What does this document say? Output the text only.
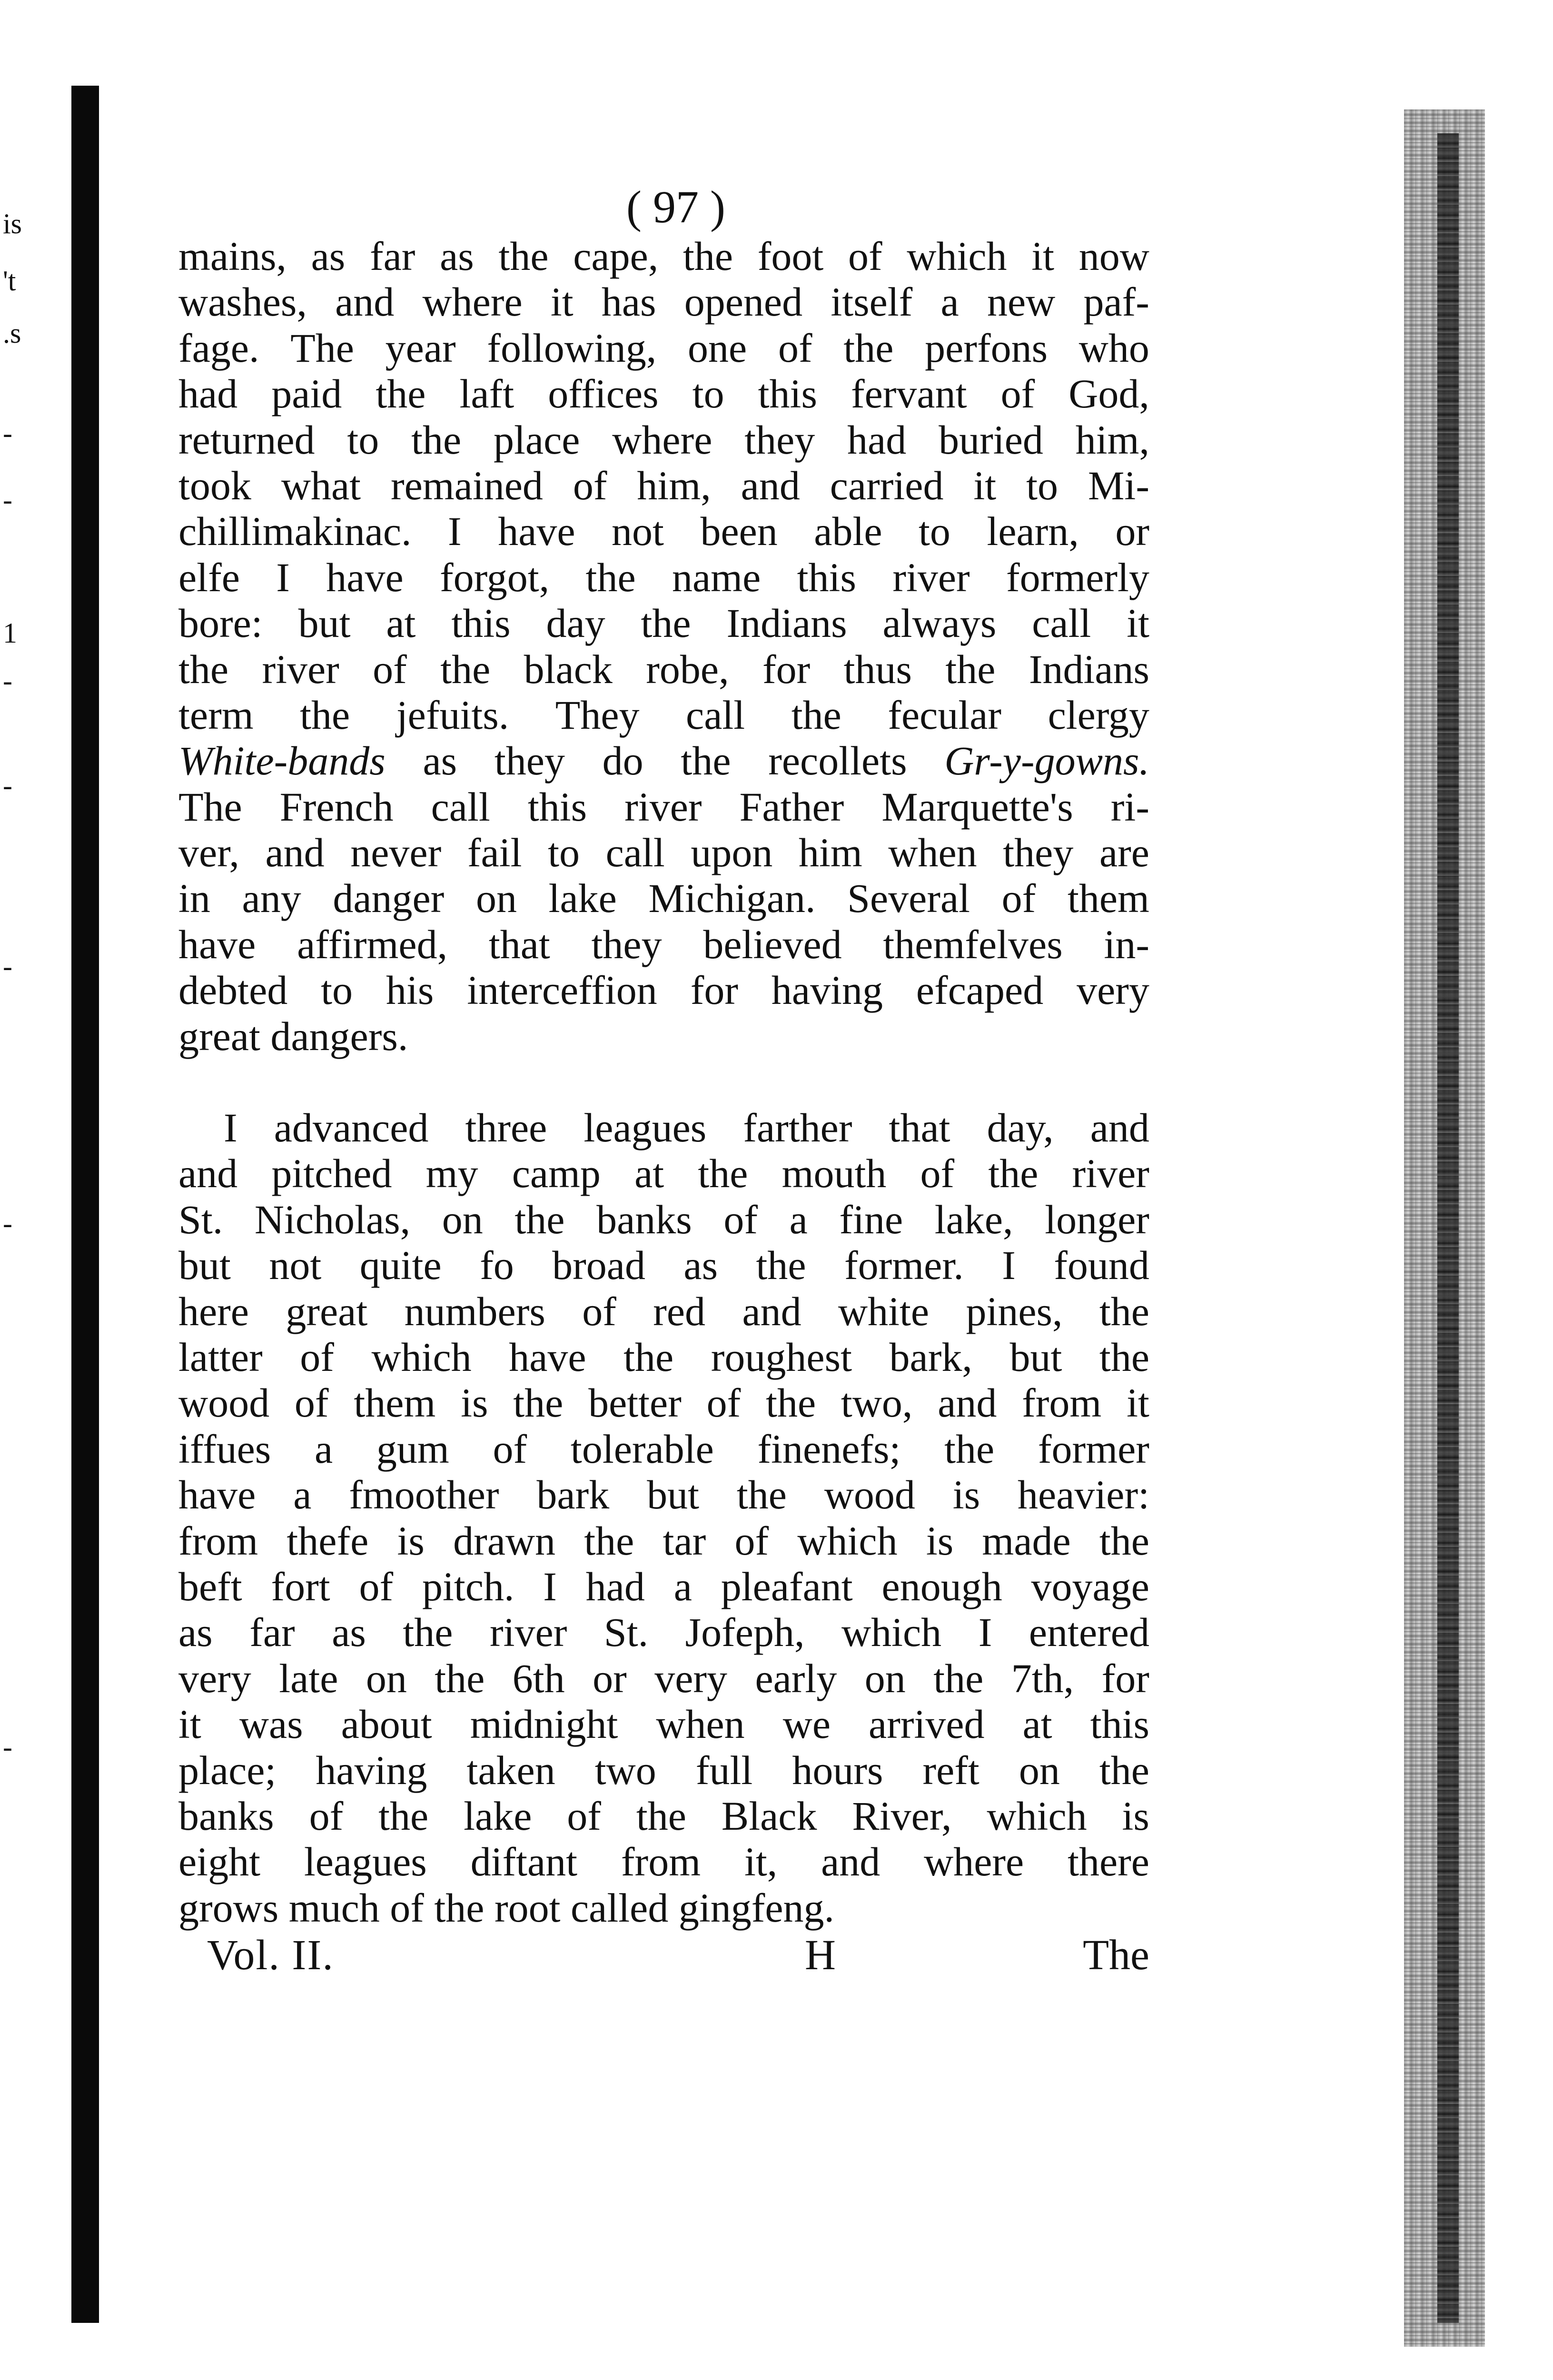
is
't
.s
-
-
1
-
-
-
-
-
( 97 )
mains, as far as the cape, the foot of which it now
washes, and where it has opened itself a new paf-
fage. The year following, one of the perfons who
had paid the laft offices to this fervant of God,
returned to the place where they had buried him,
took what remained of him, and carried it to Mi-
chillimakinac. I have not been able to learn, or
elfe I have forgot, the name this river formerly
bore: but at this day the Indians always call it
the river of the black robe, for thus the Indians
term the jefuits. They call the fecular clergy
White-bands as they do the recollets Gr-y-gowns.
The French call this river Father Marquette's ri-
ver, and never fail to call upon him when they are
in any danger on lake Michigan. Several of them
have affirmed, that they believed themfelves in-
debted to his interceffion for having efcaped very
great dangers.
I advanced three leagues farther that day, and
and pitched my camp at the mouth of the river
St. Nicholas, on the banks of a fine lake, longer
but not quite fo broad as the former. I found
here great numbers of red and white pines, the
latter of which have the roughest bark, but the
wood of them is the better of the two, and from it
iffues a gum of tolerable finenefs; the former
have a fmoother bark but the wood is heavier:
from thefe is drawn the tar of which is made the
beft fort of pitch. I had a pleafant enough voyage
as far as the river St. Jofeph, which I entered
very late on the 6th or very early on the 7th, for
it was about midnight when we arrived at this
place; having taken two full hours reft on the
banks of the lake of the Black River, which is
eight leagues diftant from it, and where there
grows much of the root called gingfeng.
Vol. II.	H	The
